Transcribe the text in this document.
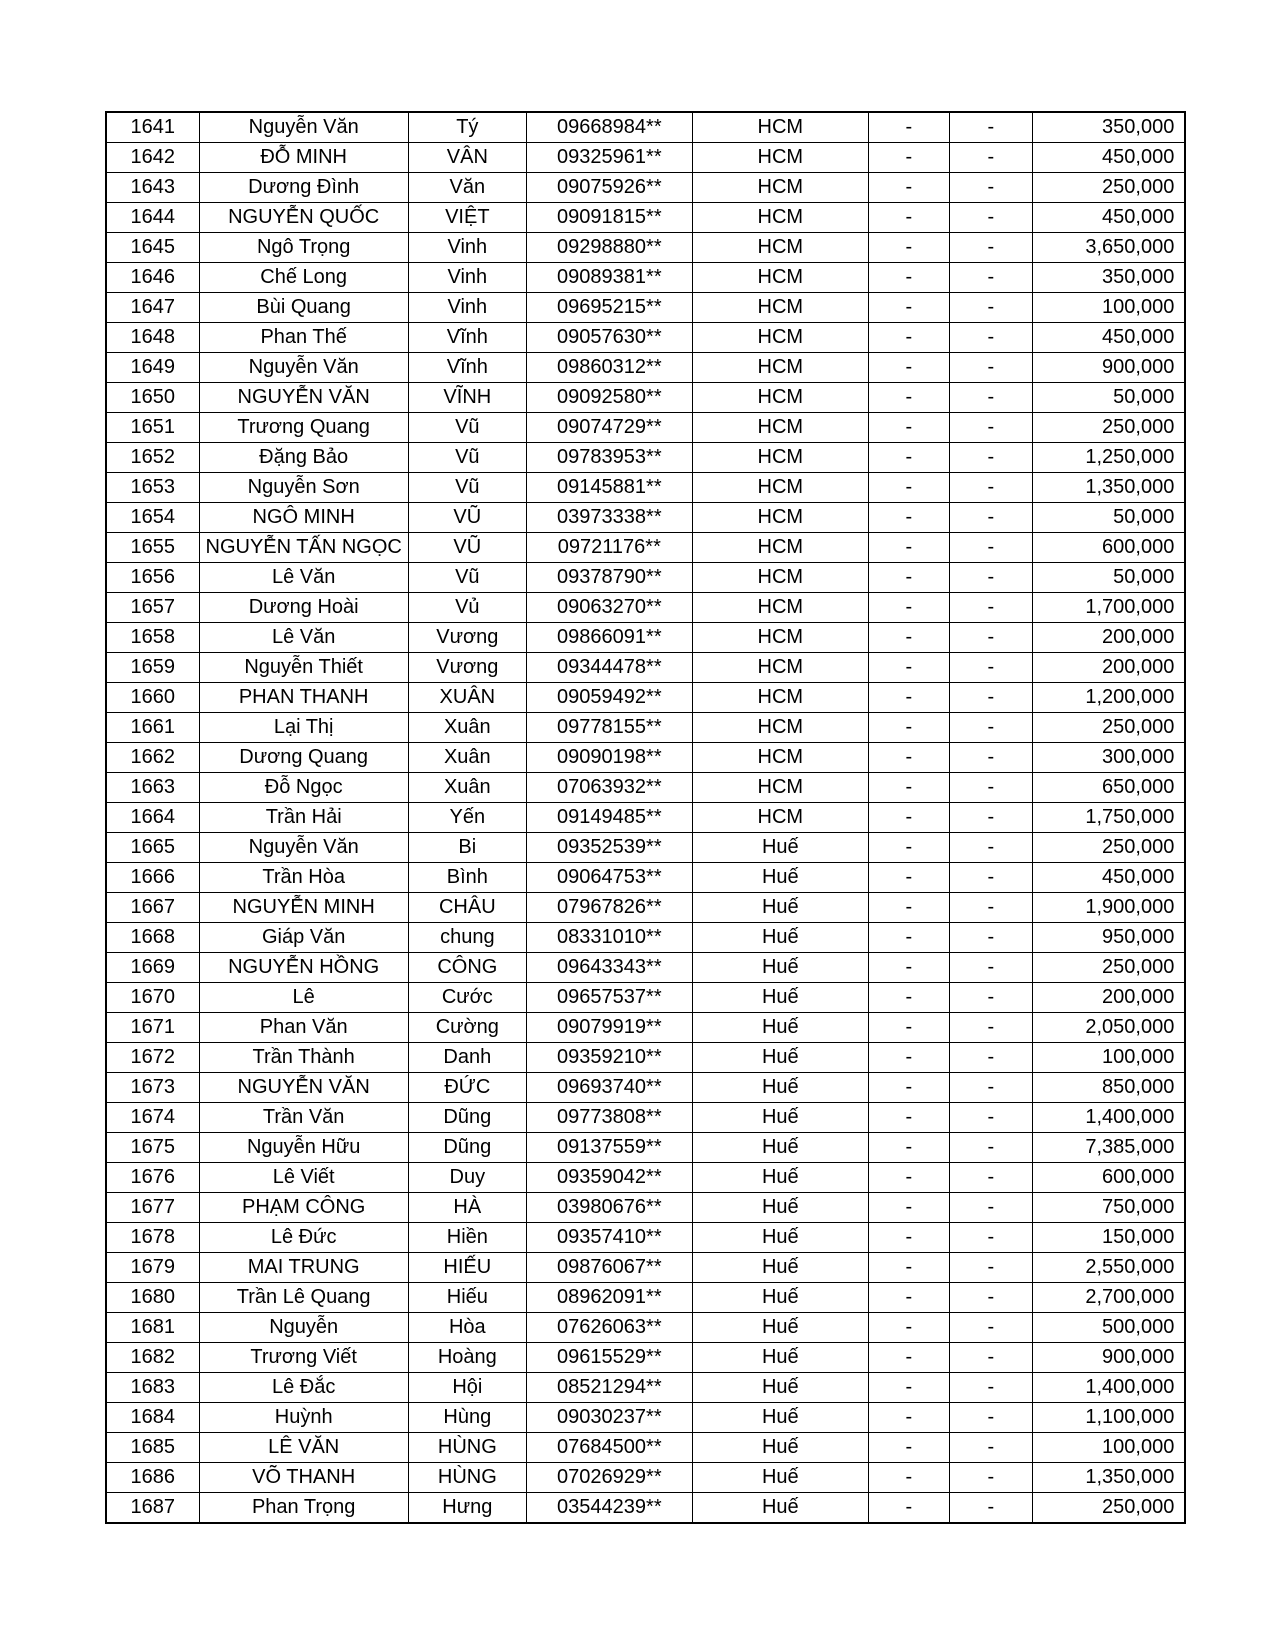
1641	Nguyễn Văn	Tý	09668984**	HCM	-	-	350,000
1642	ĐỖ MINH	VÂN	09325961**	HCM	-	-	450,000
1643	Dương Đình	Văn	09075926**	HCM	-	-	250,000
1644	NGUYỄN QUỐC	VIỆT	09091815**	HCM	-	-	450,000
1645	Ngô Trọng	Vinh	09298880**	HCM	-	-	3,650,000
1646	Chế Long	Vinh	09089381**	HCM	-	-	350,000
1647	Bùi Quang	Vinh	09695215**	HCM	-	-	100,000
1648	Phan Thế	Vĩnh	09057630**	HCM	-	-	450,000
1649	Nguyễn Văn	Vĩnh	09860312**	HCM	-	-	900,000
1650	NGUYỄN VĂN	VĨNH	09092580**	HCM	-	-	50,000
1651	Trương Quang	Vũ	09074729**	HCM	-	-	250,000
1652	Đặng Bảo	Vũ	09783953**	HCM	-	-	1,250,000
1653	Nguyễn Sơn	Vũ	09145881**	HCM	-	-	1,350,000
1654	NGÔ MINH	VŨ	03973338**	HCM	-	-	50,000
1655	NGUYỄN TẤN NGỌC	VŨ	09721176**	HCM	-	-	600,000
1656	Lê Văn	Vũ	09378790**	HCM	-	-	50,000
1657	Dương Hoài	Vủ	09063270**	HCM	-	-	1,700,000
1658	Lê Văn	Vương	09866091**	HCM	-	-	200,000
1659	Nguyễn Thiết	Vương	09344478**	HCM	-	-	200,000
1660	PHAN THANH	XUÂN	09059492**	HCM	-	-	1,200,000
1661	Lại Thị	Xuân	09778155**	HCM	-	-	250,000
1662	Dương Quang	Xuân	09090198**	HCM	-	-	300,000
1663	Đỗ Ngọc	Xuân	07063932**	HCM	-	-	650,000
1664	Trần Hải	Yến	09149485**	HCM	-	-	1,750,000
1665	Nguyễn Văn	Bi	09352539**	Huế	-	-	250,000
1666	Trần Hòa	Bình	09064753**	Huế	-	-	450,000
1667	NGUYỄN MINH	CHÂU	07967826**	Huế	-	-	1,900,000
1668	Giáp Văn	chung	08331010**	Huế	-	-	950,000
1669	NGUYỄN HỒNG	CÔNG	09643343**	Huế	-	-	250,000
1670	Lê	Cước	09657537**	Huế	-	-	200,000
1671	Phan Văn	Cường	09079919**	Huế	-	-	2,050,000
1672	Trần Thành	Danh	09359210**	Huế	-	-	100,000
1673	NGUYỄN VĂN	ĐỨC	09693740**	Huế	-	-	850,000
1674	Trần Văn	Dũng	09773808**	Huế	-	-	1,400,000
1675	Nguyễn Hữu	Dũng	09137559**	Huế	-	-	7,385,000
1676	Lê Viết	Duy	09359042**	Huế	-	-	600,000
1677	PHẠM CÔNG	HÀ	03980676**	Huế	-	-	750,000
1678	Lê Đức	Hiền	09357410**	Huế	-	-	150,000
1679	MAI TRUNG	HIẾU	09876067**	Huế	-	-	2,550,000
1680	Trần Lê Quang	Hiếu	08962091**	Huế	-	-	2,700,000
1681	Nguyễn	Hòa	07626063**	Huế	-	-	500,000
1682	Trương Viết	Hoàng	09615529**	Huế	-	-	900,000
1683	Lê Đắc	Hội	08521294**	Huế	-	-	1,400,000
1684	Huỳnh	Hùng	09030237**	Huế	-	-	1,100,000
1685	LÊ VĂN	HÙNG	07684500**	Huế	-	-	100,000
1686	VÕ THANH	HÙNG	07026929**	Huế	-	-	1,350,000
1687	Phan Trọng	Hưng	03544239**	Huế	-	-	250,000
